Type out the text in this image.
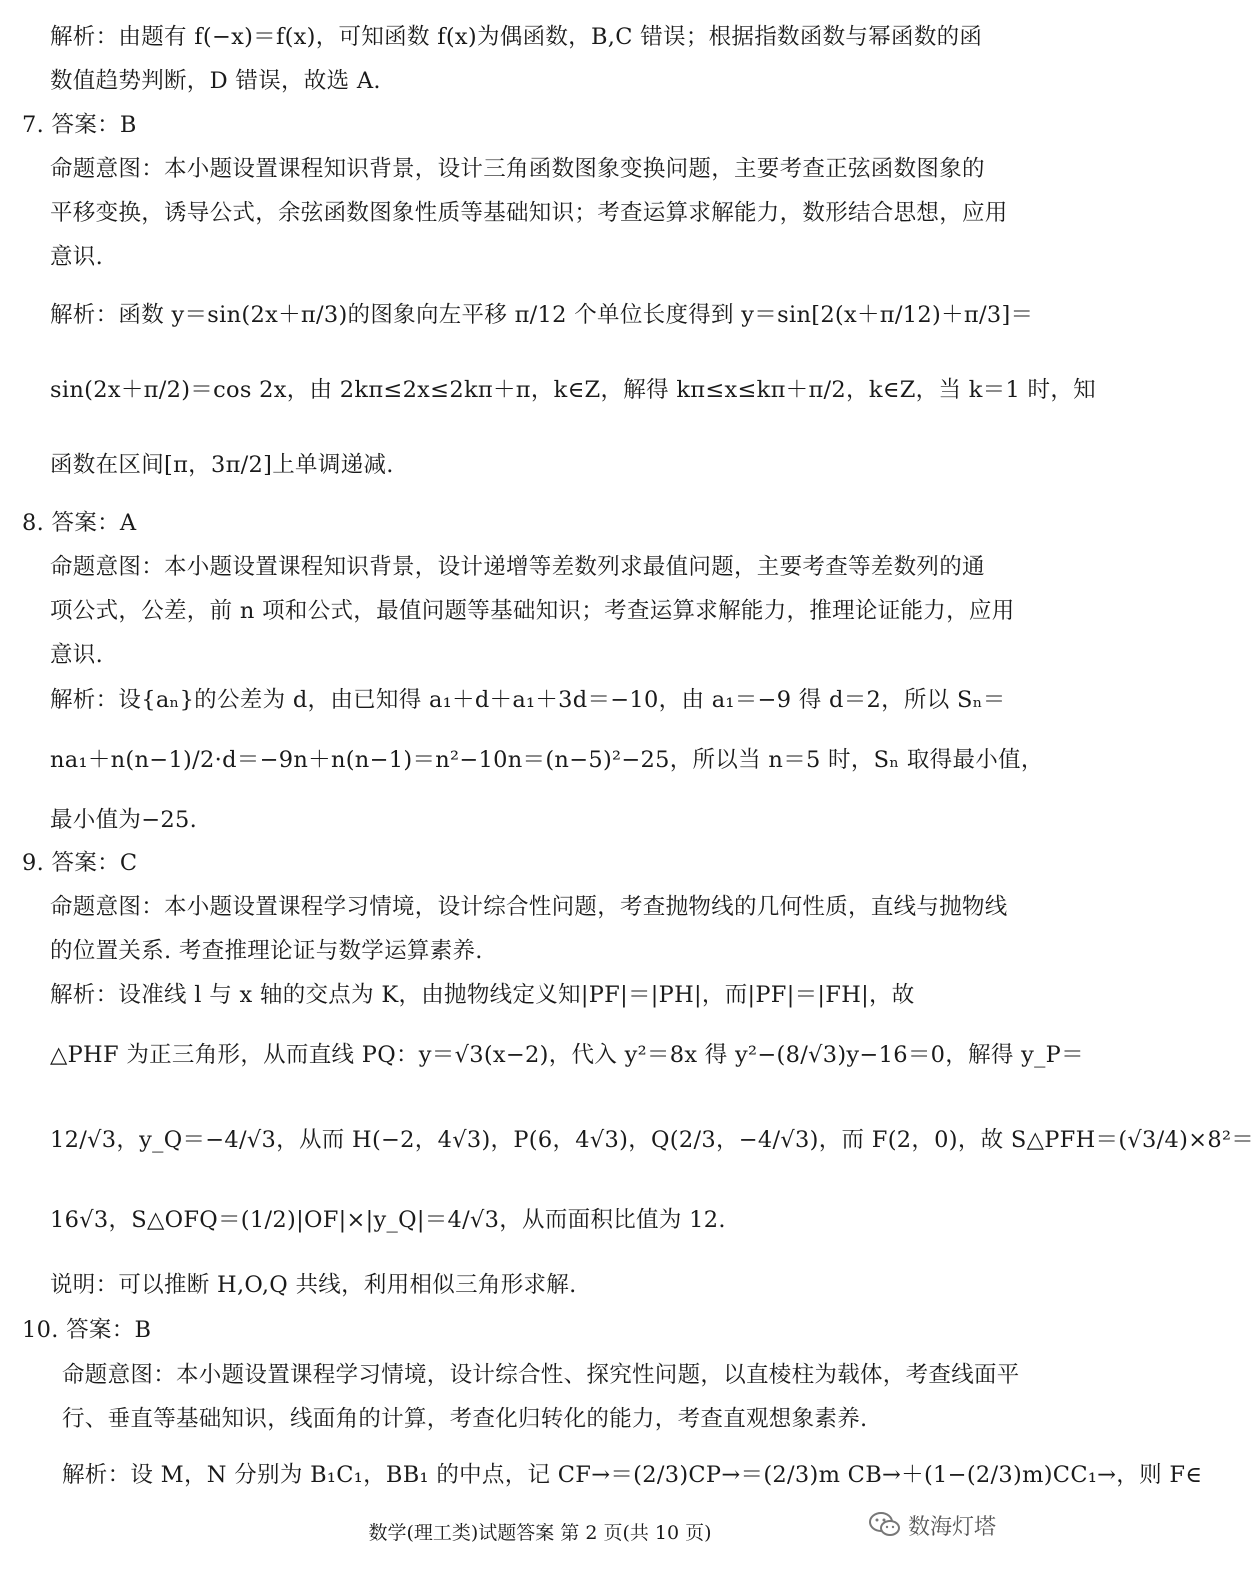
解析：由题有 f(−x)＝f(x)，可知函数 f(x)为偶函数，B,C 错误；根据指数函数与幂函数的函
数值趋势判断，D 错误，故选 A.
7. 答案：B
命题意图：本小题设置课程知识背景，设计三角函数图象变换问题，主要考查正弦函数图象的
平移变换，诱导公式，余弦函数图象性质等基础知识；考查运算求解能力，数形结合思想，应用
意识.
解析：函数 y＝sin(2x＋π/3)的图象向左平移 π/12 个单位长度得到 y＝sin[2(x＋π/12)＋π/3]＝
sin(2x＋π/2)＝cos 2x，由 2kπ≤2x≤2kπ＋π，k∈Z，解得 kπ≤x≤kπ＋π/2，k∈Z，当 k＝1 时，知
函数在区间[π，3π/2]上单调递减.
8. 答案：A
命题意图：本小题设置课程知识背景，设计递增等差数列求最值问题，主要考查等差数列的通
项公式，公差，前 n 项和公式，最值问题等基础知识；考查运算求解能力，推理论证能力，应用
意识.
解析：设{aₙ}的公差为 d，由已知得 a₁＋d＋a₁＋3d＝−10，由 a₁＝−9 得 d＝2，所以 Sₙ＝
na₁＋n(n−1)/2·d＝−9n＋n(n−1)＝n²−10n＝(n−5)²−25，所以当 n＝5 时，Sₙ 取得最小值，
最小值为−25.
9. 答案：C
命题意图：本小题设置课程学习情境，设计综合性问题，考查抛物线的几何性质，直线与抛物线
的位置关系. 考查推理论证与数学运算素养.
解析：设准线 l 与 x 轴的交点为 K，由抛物线定义知|PF|＝|PH|，而|PF|＝|FH|，故
△PHF 为正三角形，从而直线 PQ：y＝√3(x−2)，代入 y²＝8x 得 y²−(8/√3)y−16＝0，解得 y_P＝
12/√3，y_Q＝−4/√3，从而 H(−2，4√3)，P(6，4√3)，Q(2/3，−4/√3)，而 F(2，0)，故 S△PFH＝(√3/4)×8²＝
16√3，S△OFQ＝(1/2)|OF|×|y_Q|＝4/√3，从而面积比值为 12.
说明：可以推断 H,O,Q 共线，利用相似三角形求解.
10. 答案：B
命题意图：本小题设置课程学习情境，设计综合性、探究性问题，以直棱柱为载体，考查线面平
行、垂直等基础知识，线面角的计算，考查化归转化的能力，考查直观想象素养.
解析：设 M，N 分别为 B₁C₁，BB₁ 的中点，记 CF→＝(2/3)CP→＝(2/3)m CB→＋(1−(2/3)m)CC₁→，则 F∈
数学(理工类)试题答案 第 2 页(共 10 页)	数海灯塔
